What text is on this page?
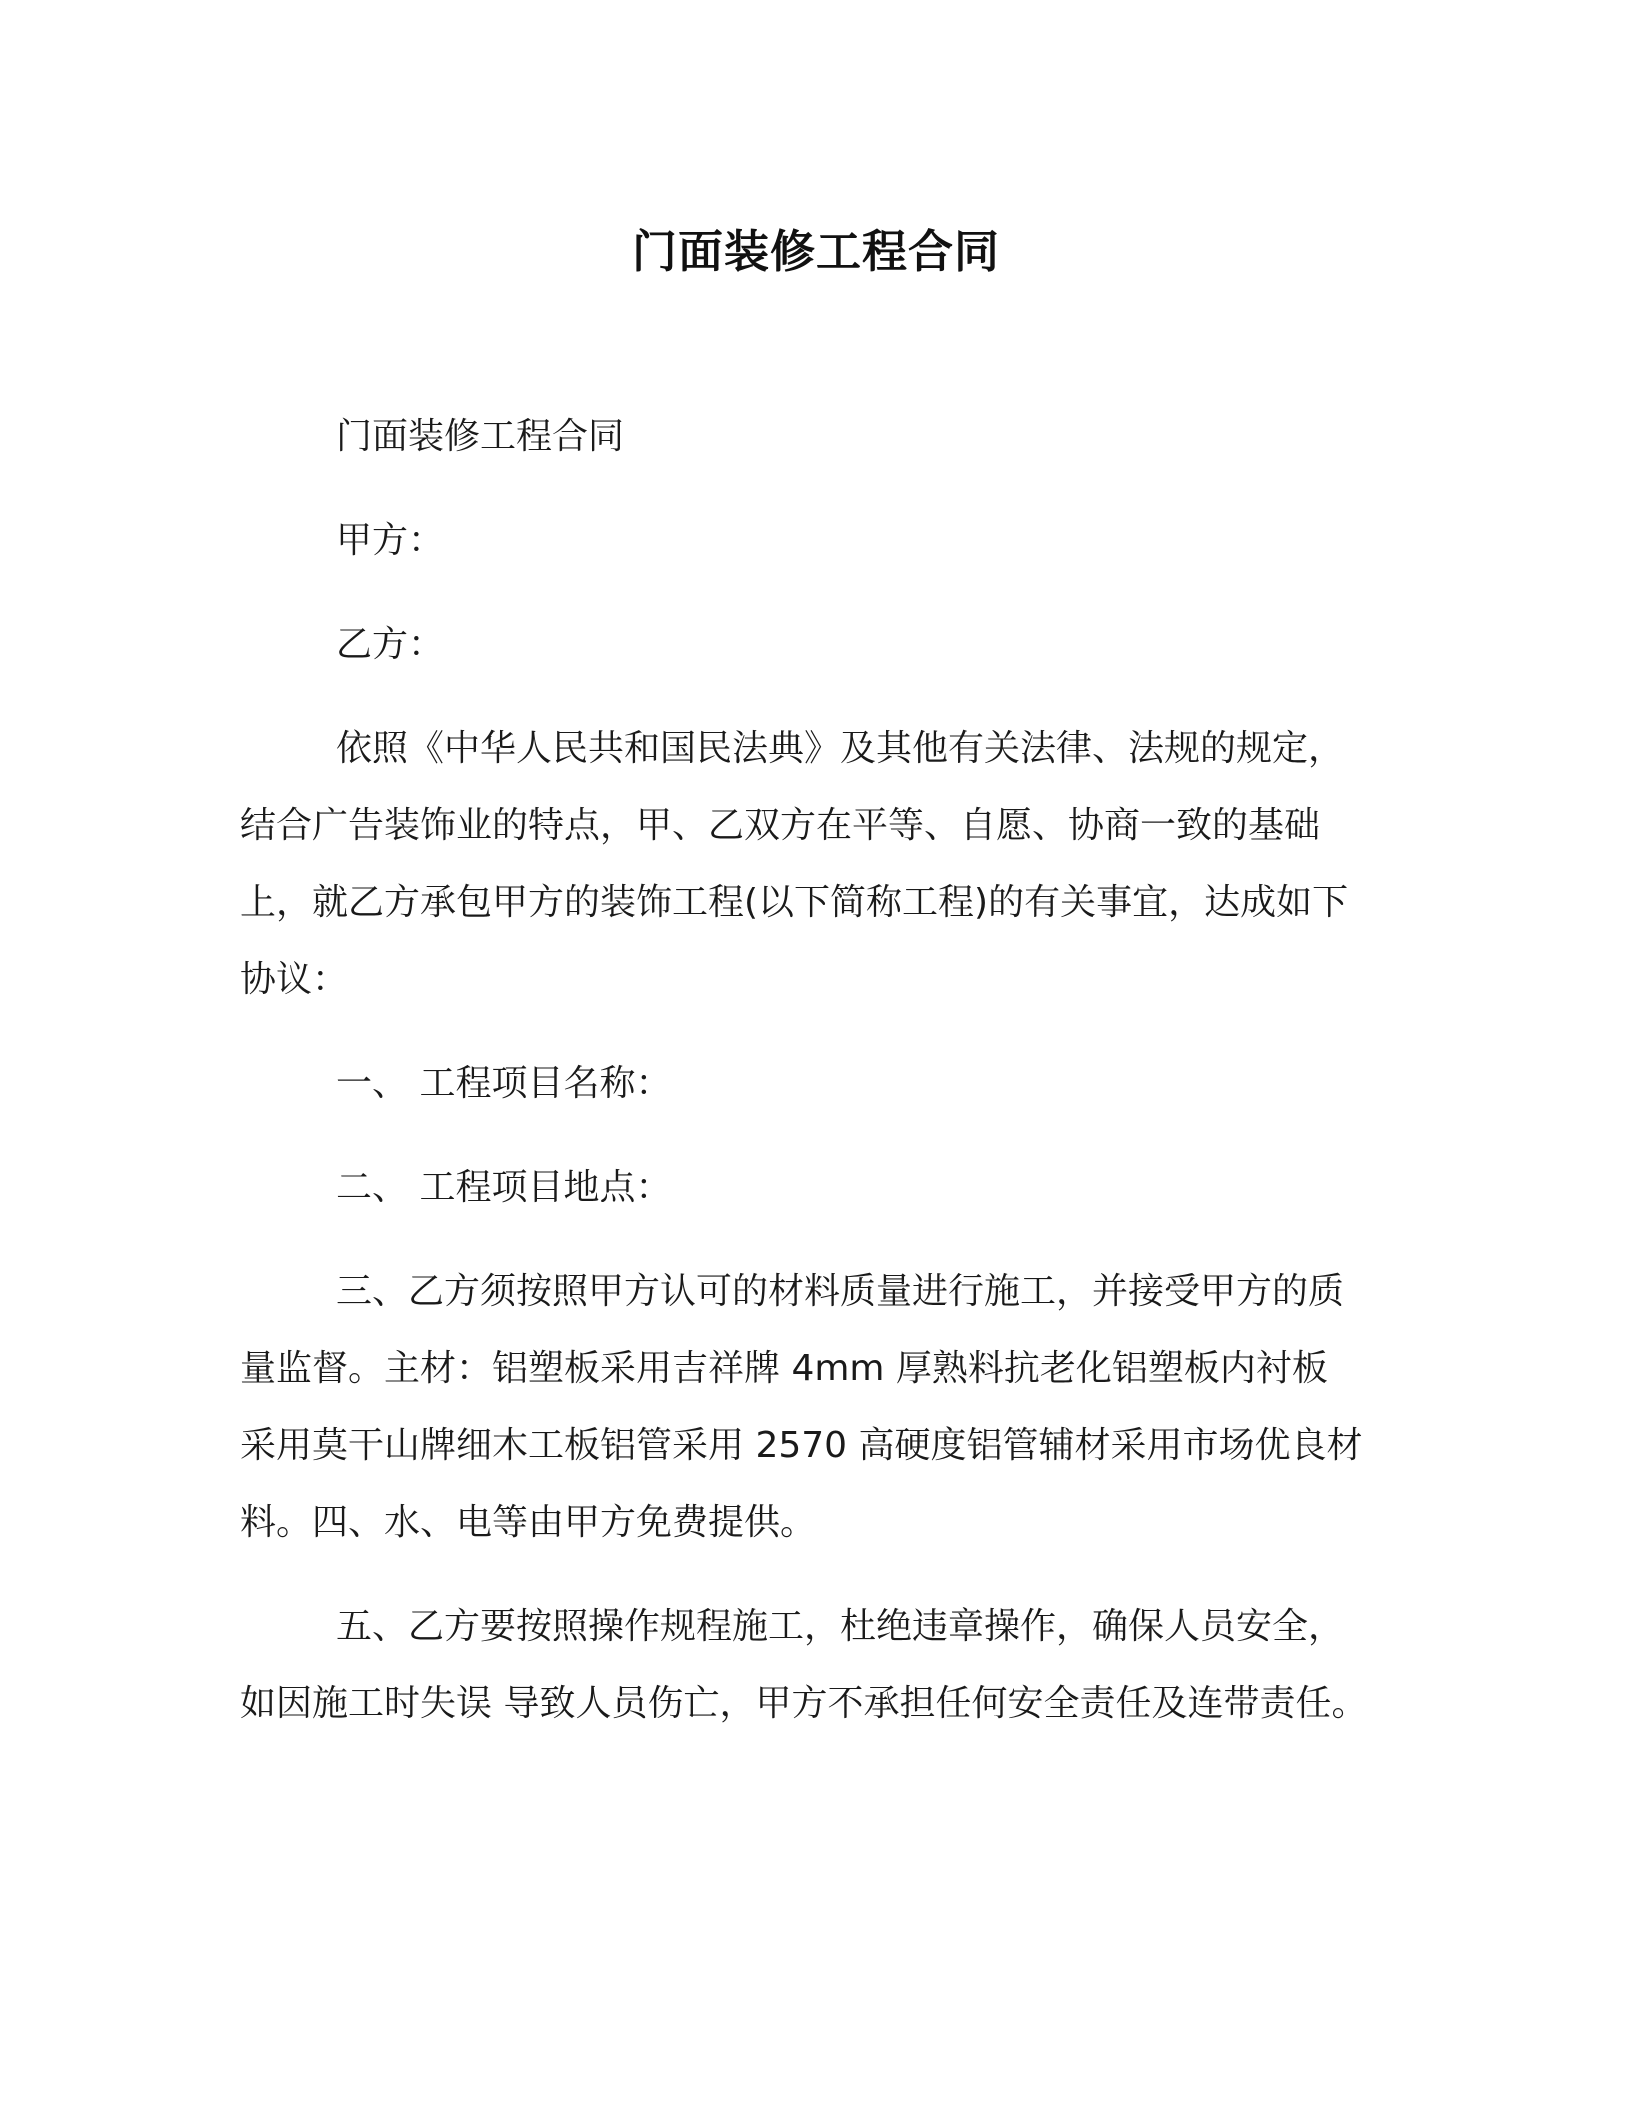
门面装修工程合同
门面装修工程合同
甲方：
乙方：
依照《中华人民共和国民法典》及其他有关法律、法规的规定，
结合广告装饰业的特点，甲、乙双方在平等、自愿、协商一致的基础
上，就乙方承包甲方的装饰工程(以下简称工程)的有关事宜，达成如下
协议：
一、 工程项目名称：
二、 工程项目地点：
三、乙方须按照甲方认可的材料质量进行施工，并接受甲方的质
量监督。主材：铝塑板采用吉祥牌 4mm 厚熟料抗老化铝塑板内衬板
采用莫干山牌细木工板铝管采用 2570 高硬度铝管辅材采用市场优良材
料。四、水、电等由甲方免费提供。
五、乙方要按照操作规程施工，杜绝违章操作，确保人员安全，
如因施工时失误 导致人员伤亡，甲方不承担任何安全责任及连带责任。
